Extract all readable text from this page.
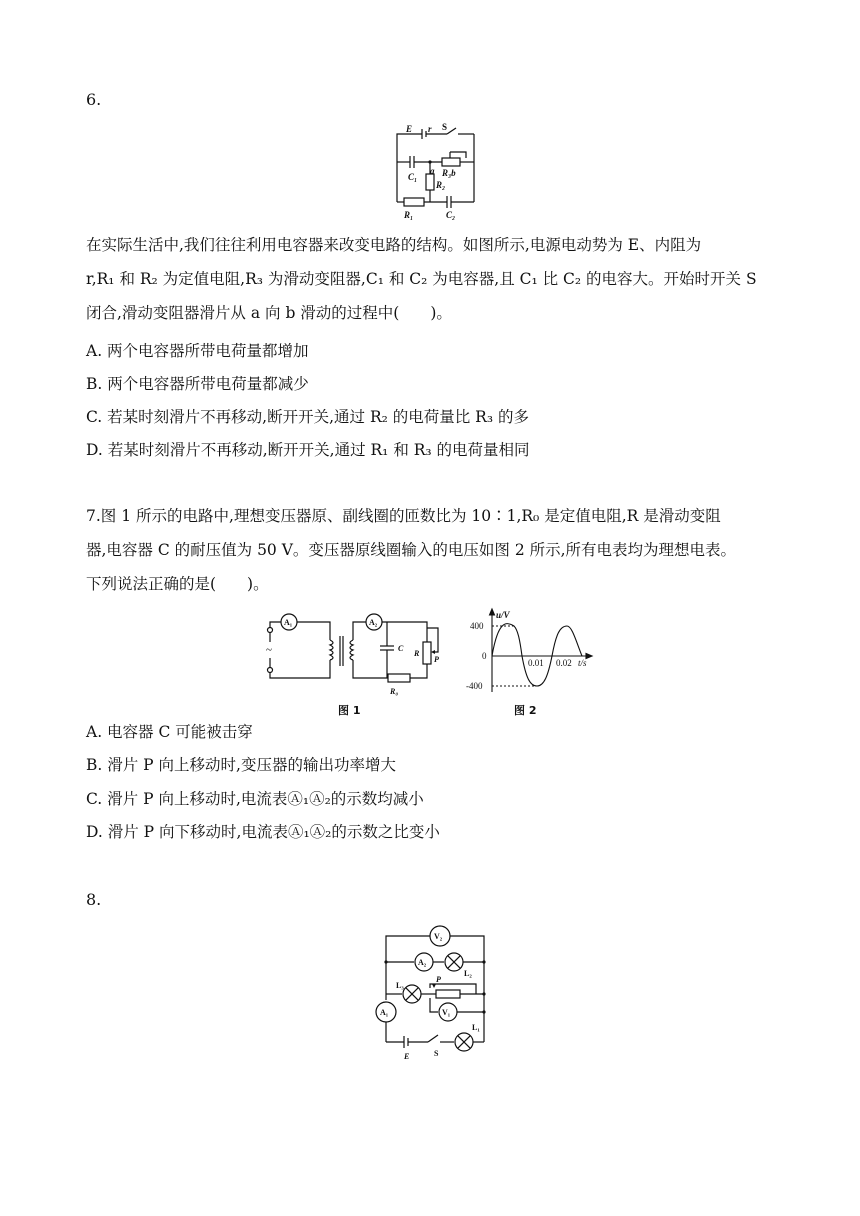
6.
E r S
C₁
a R₃b
R₂
R₁	C₂
在实际生活中,我们往往利用电容器来改变电路的结构。如图所示,电源电动势为 E、内阻为
r,R₁ 和 R₂ 为定值电阻,R₃ 为滑动变阻器,C₁ 和 C₂ 为电容器,且 C₁ 比 C₂ 的电容大。开始时开关 S
闭合,滑动变阻器滑片从 a 向 b 滑动的过程中(　　)。
A. 两个电容器所带电荷量都增加
B. 两个电容器所带电荷量都减少
C. 若某时刻滑片不再移动,断开开关,通过 R₂ 的电荷量比 R₃ 的多
D. 若某时刻滑片不再移动,断开开关,通过 R₁ 和 R₃ 的电荷量相同
7.图 1 所示的电路中,理想变压器原、副线圈的匝数比为 10∶1,R₀ 是定值电阻,R 是滑动变阻
器,电容器 C 的耐压值为 50 V。变压器原线圈输入的电压如图 2 所示,所有电表均为理想电表。
下列说法正确的是(　　)。
~
A₁	A₂
C
R
P
R₀
图 1
u/V
400
0
-400
0.01 0.02 t/s
图 2
A. 电容器 C 可能被击穿
B. 滑片 P 向上移动时,变压器的输出功率增大
C. 滑片 P 向上移动时,电流表Ⓐ₁Ⓐ₂的示数均减小
D. 滑片 P 向下移动时,电流表Ⓐ₁Ⓐ₂的示数之比变小
8.
V₂
A₂
L₂
L₃
P
A₁	V₁
L₁
E	S
